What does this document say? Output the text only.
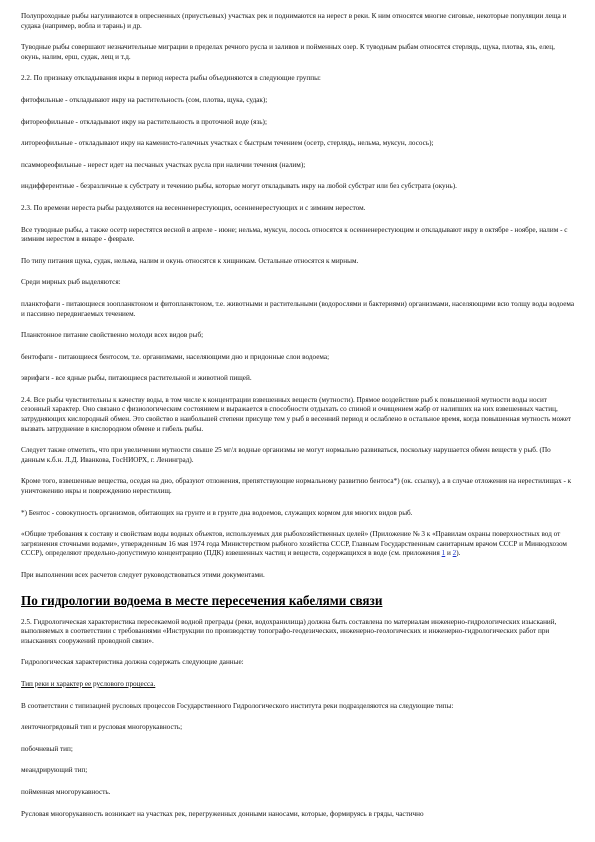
Полупроходные рыбы нагуливаются в опресненных (приустьевых) участках рек и поднимаются на нерест в реки. К ним относятся многие сиговые, некоторые популяции леща и судака (например, вобла и тарань) и др.

Туводные рыбы совершают незначительные миграции в пределах речного русла и заливов и пойменных озер. К туводным рыбам относятся стерлядь, щука, плотва, язь, елец, окунь, налим, ерш, судак, лещ и т.д.

2.2. По признаку откладывания икры в период нереста рыбы объединяются в следующие группы:

фитофильные - откладывают икру на растительность (сом, плотва, щука, судак);

фитореофильные - откладывают икру на растительность в проточной воде (язь);

литореофильные - откладывают икру на каменисто-галечных участках с быстрым течением (осетр, стерлядь, нельма, муксун, лосось);

псаммореофильные - нерест идет на песчаных участках русла при наличии течения (налим);

индифферентные - безразличные к субстрату и течению рыбы, которые могут откладывать икру на любой субстрат или без субстрата (окунь).

2.3. По времени нереста рыбы разделяются на весенненерестующих, осенненерестующих и с зимним нерестом.

Все туводные рыбы, а также осетр нерестятся весной в апреле - июне; нельма, муксун, лосось относятся к осенненерестующим и откладывают икру в октябре - ноябре, налим - с зимним нерестом в январе - феврале.

По типу питания щука, судак, нельма, налим и окунь относятся к хищникам. Остальные относятся к мирным.

Среди мирных рыб выделяются:

планктофаги - питающиеся зоопланктоном и фитопланктоном, т.е. животными и растительными (водорослями и бактериями) организмами, населяющими всю толщу воды водоема и пассивно передвигаемых течением.

Планктонное питание свойственно молоди всех видов рыб;

бентофаги - питающиеся бентосом, т.е. организмами, населяющими дно и придонные слои водоема;

эврифаги - все ядные рыбы, питающиеся растительной и животной пищей.

2.4. Все рыбы чувствительны к качеству воды, в том числе к концентрации взвешенных веществ (мутности). Прямое воздействие рыб к повышенной мутности воды носит сезонный характер. Оно связано с физиологическим состоянием и выражается в способности отдыхать со спиной и очищением жабр от налипших на них взвешенных частиц, затрудняющих кислородный обмен. Это свойство в наибольшей степени присуще тем у рыб в весенний период и ослаблено в остальное время, когда повышенная мутность может вызвать затруднение в кислородном обмене и гибель рыбы.

Следует также отметить, что при увеличении мутности свыше 25 мг/л водные организмы не могут нормально развиваться, поскольку нарушается обмен веществ у рыб. (По данным к.б.н. Л.Д. Иванкова, ГосНИОРХ, г. Ленинград).

Кроме того, взвешенные вещества, оседая на дно, образуют отложения, препятствующие нормальному развитию бентоса*) (ок. ссылку), а в случае отложения на нерестилищах - к уничтожению икры и повреждению нерестилищ.

*) Бентос - совокупность организмов, обитающих на грунте и в грунте дна водоемов, служащих кормом для многих видов рыб.

«Общие требования к составу и свойствам воды водных объектов, используемых для рыбохозяйственных целей» (Приложение № 3 к «Правилам охраны поверхностных вод от загрязнения сточными водами», утвержденным 16 мая 1974 года Министерством рыбного хозяйства СССР, Главным Государственным санитарным врачом СССР и Минводхозом СССР), определяют предельно-допустимую концентрацию (ПДК) взвешенных частиц и веществ, содержащихся в воде (см. приложения 1 и 2).

При выполнении всех расчетов следует руководствоваться этими документами.

По гидрологии водоема в месте пересечения кабелями связи

2.5. Гидрологическая характеристика пересекаемой водной преграды (реки, водохранилища) должна быть составлена по материалам инженерно-гидрологических изысканий, выполняемых в соответствии с требованиями «Инструкции по производству топографо-геодезических, инженерно-геологических и инженерно-гидрологических работ при изысканиях сооружений проводной связи».

Гидрологическая характеристика должна содержать следующие данные:

Тип реки и характер ее руслового процесса.

В соответствии с типизацией русловых процессов Государственного Гидрологического института реки подразделяются на следующие типы:

ленточногрядовый тип и русловая многорукавность;

побочневый тип;

меандрирующий тип;

пойменная многорукавность.

Русловая многорукавность возникает на участках рек, перегруженных донными наносами, которые, формируясь в гряды, частично
